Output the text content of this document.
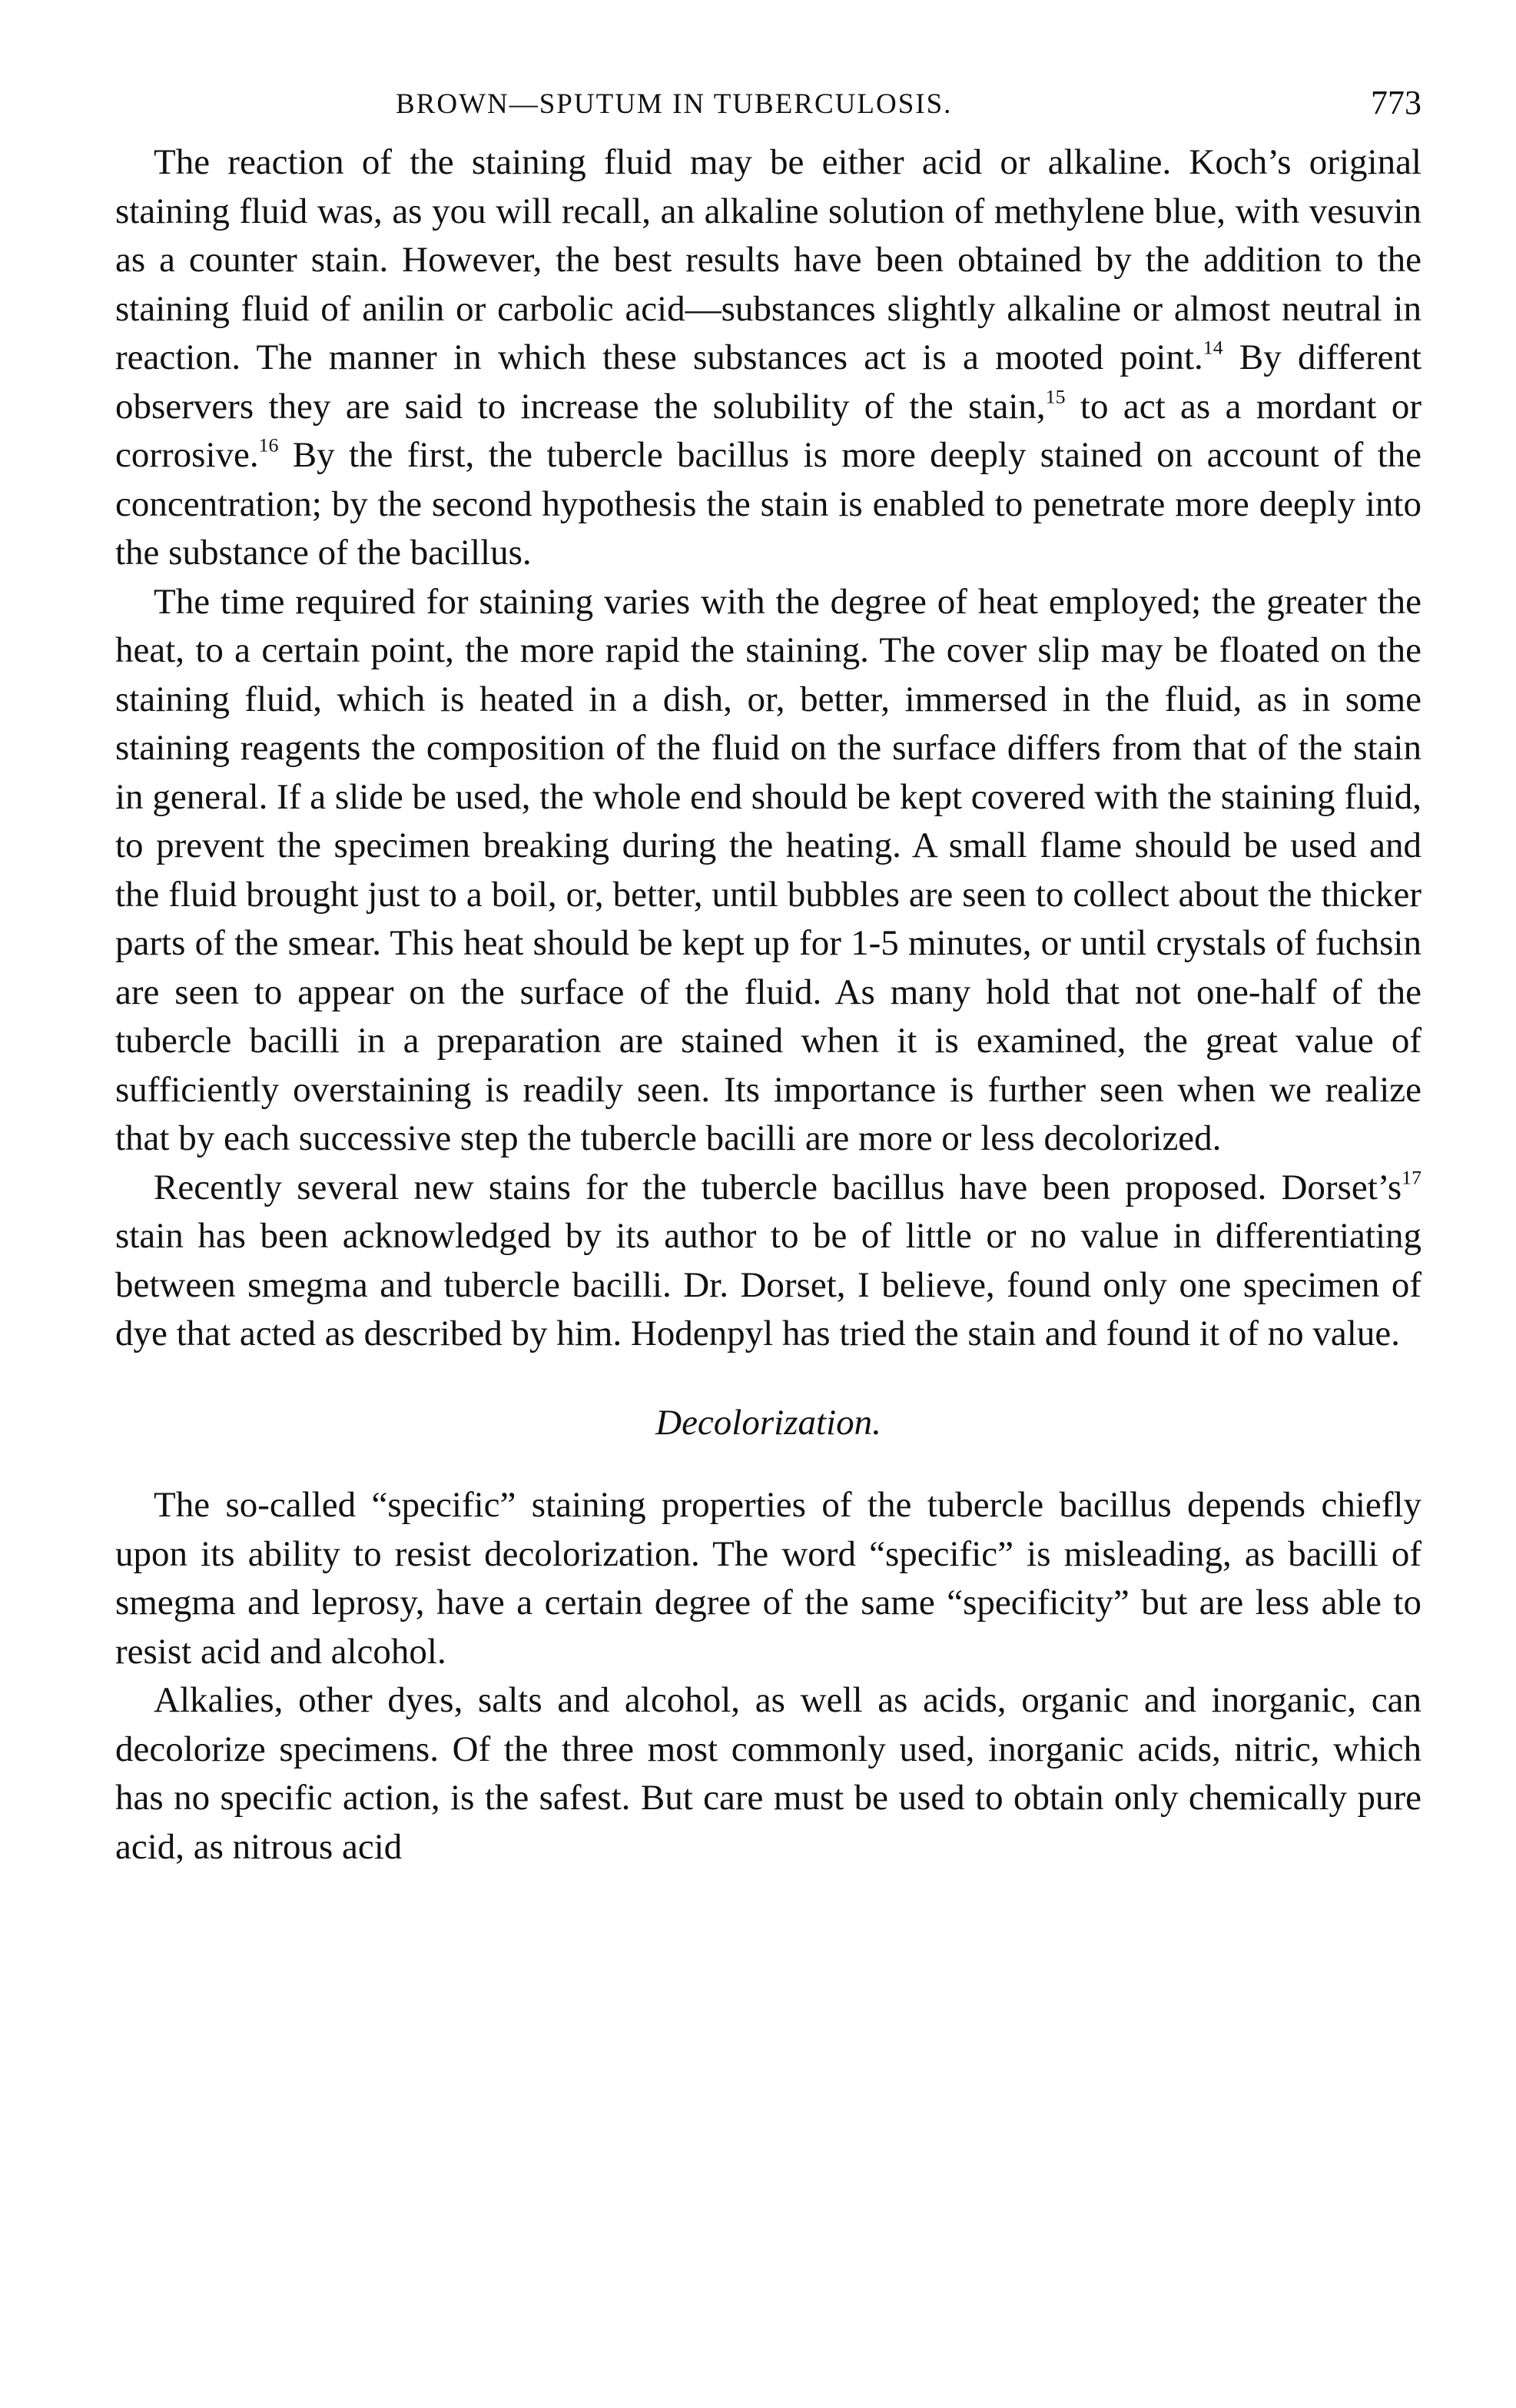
BROWN—SPUTUM IN TUBERCULOSIS.	773

The reaction of the staining fluid may be either acid or alkaline. Koch’s original staining fluid was, as you will recall, an alkaline solution of methylene blue, with vesuvin as a counter stain. However, the best results have been obtained by the addition to the staining fluid of anilin or carbolic acid—substances slightly alkaline or almost neutral in reaction. The manner in which these substances act is a mooted point.$^{14}$ By different observers they are said to increase the solubility of the stain,$^{15}$ to act as a mordant or corrosive.$^{16}$ By the first, the tubercle bacillus is more deeply stained on account of the concentration; by the second hypothesis the stain is enabled to penetrate more deeply into the substance of the bacillus.

The time required for staining varies with the degree of heat employed; the greater the heat, to a certain point, the more rapid the staining. The cover slip may be floated on the staining fluid, which is heated in a dish, or, better, immersed in the fluid, as in some staining reagents the composition of the fluid on the surface differs from that of the stain in general. If a slide be used, the whole end should be kept covered with the staining fluid, to prevent the specimen breaking during the heating. A small flame should be used and the fluid brought just to a boil, or, better, until bubbles are seen to collect about the thicker parts of the smear. This heat should be kept up for 1-5 minutes, or until crystals of fuchsin are seen to appear on the surface of the fluid. As many hold that not one-half of the tubercle bacilli in a preparation are stained when it is examined, the great value of sufficiently overstaining is readily seen. Its importance is further seen when we realize that by each successive step the tubercle bacilli are more or less decolorized.

Recently several new stains for the tubercle bacillus have been proposed. $Dorset’s^{17}$ stain has been acknowledged by its author to be of little or no value in differentiating between smegma and tubercle bacilli. Dr. Dorset, I believe, found only one specimen of dye that acted as described by him. Hodenpyl has tried the stain and found it of no value.

Decolorization.

The so-called “specific” staining properties of the tubercle bacillus depends chiefly upon its ability to resist decolorization. The word “specific” is misleading, as bacilli of smegma and leprosy, have a certain degree of the same “specificity” but are less able to resist acid and alcohol.

Alkalies, other dyes, salts and alcohol, as well as acids, organic and inorganic, can decolorize specimens. Of the three most commonly used, inorganic acids, nitric, which has no specific action, is the safest. But care must be used to obtain only chemically pure acid, as nitrous acid
